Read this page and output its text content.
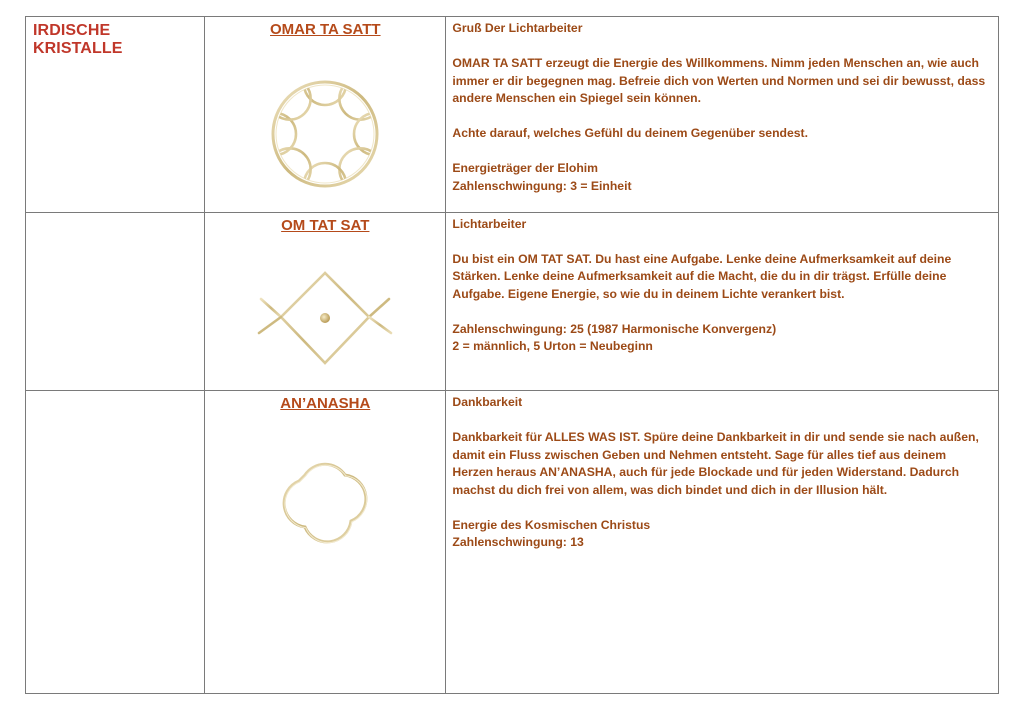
IRDISCHE KRISTALLE	OMAR TA SATT	Gruß Der Lichtarbeiter

OMAR TA SATT erzeugt die Energie des Willkommens. Nimm jeden Menschen an, wie auch immer er dir begegnen mag. Befreie dich von Werten und Normen und sei dir bewusst, dass andere Menschen ein Spiegel sein können.

Achte darauf, welches Gefühl du deinem Gegenüber sendest.

Energieträger der Elohim
Zahlenschwingung: 3 = Einheit

	OM TAT SAT	Lichtarbeiter

Du bist ein OM TAT SAT. Du hast eine Aufgabe. Lenke deine Aufmerksamkeit auf deine Stärken. Lenke deine Aufmerksamkeit auf die Macht, die du in dir trägst. Erfülle deine Aufgabe. Eigene Energie, so wie du in deinem Lichte verankert bist.

Zahlenschwingung: 25 (1987 Harmonische Konvergenz)
2 = männlich, 5 Urton = Neubeginn

	AN’ANASHA	Dankbarkeit

Dankbarkeit für ALLES WAS IST. Spüre deine Dankbarkeit in dir und sende sie nach außen, damit ein Fluss zwischen Geben und Nehmen entsteht. Sage für alles tief aus deinem Herzen heraus AN’ANASHA, auch für jede Blockade und für jeden Widerstand. Dadurch machst du dich frei von allem, was dich bindet und dich in der Illusion hält.

Energie des Kosmischen Christus
Zahlenschwingung: 13
